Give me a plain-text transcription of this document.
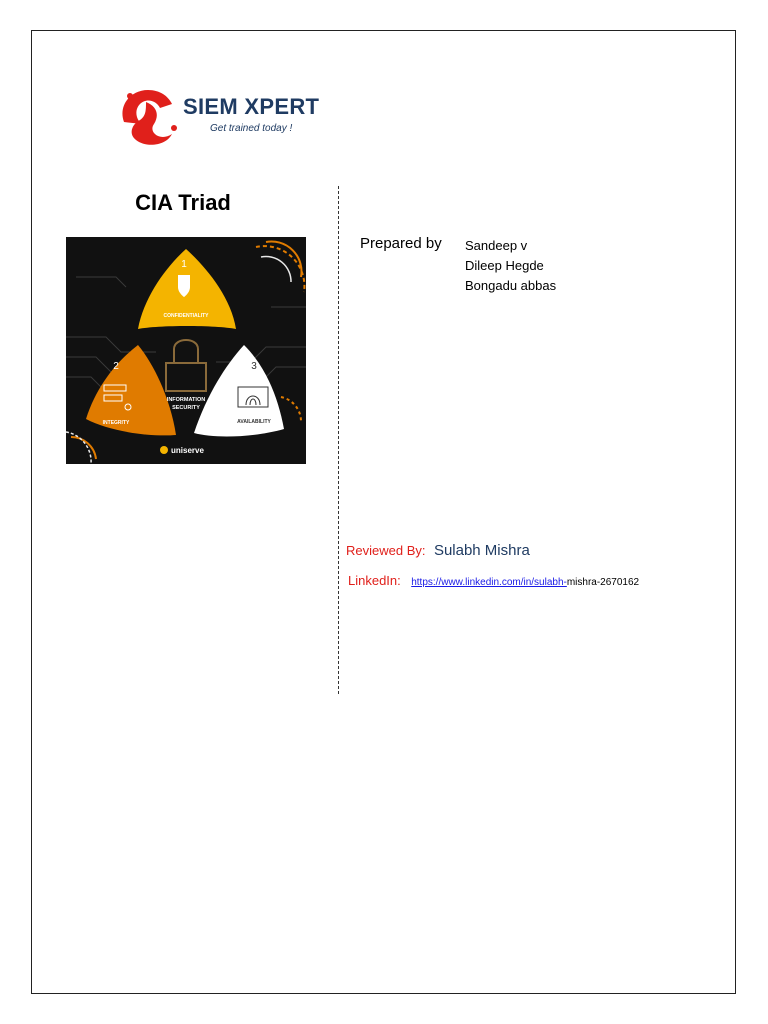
SIEM XPERT
Get trained today !
CIA Triad
1
CONFIDENTIALITY
2
INTEGRITY
3
AVAILABILITY
INFORMATION
SECURITY
uniserve
Prepared by Sandeep v
Dileep Hegde
Bongadu abbas
Reviewed By: Sulabh Mishra
LinkedIn: https://www.linkedin.com/in/sulabh-mishra-2670162
